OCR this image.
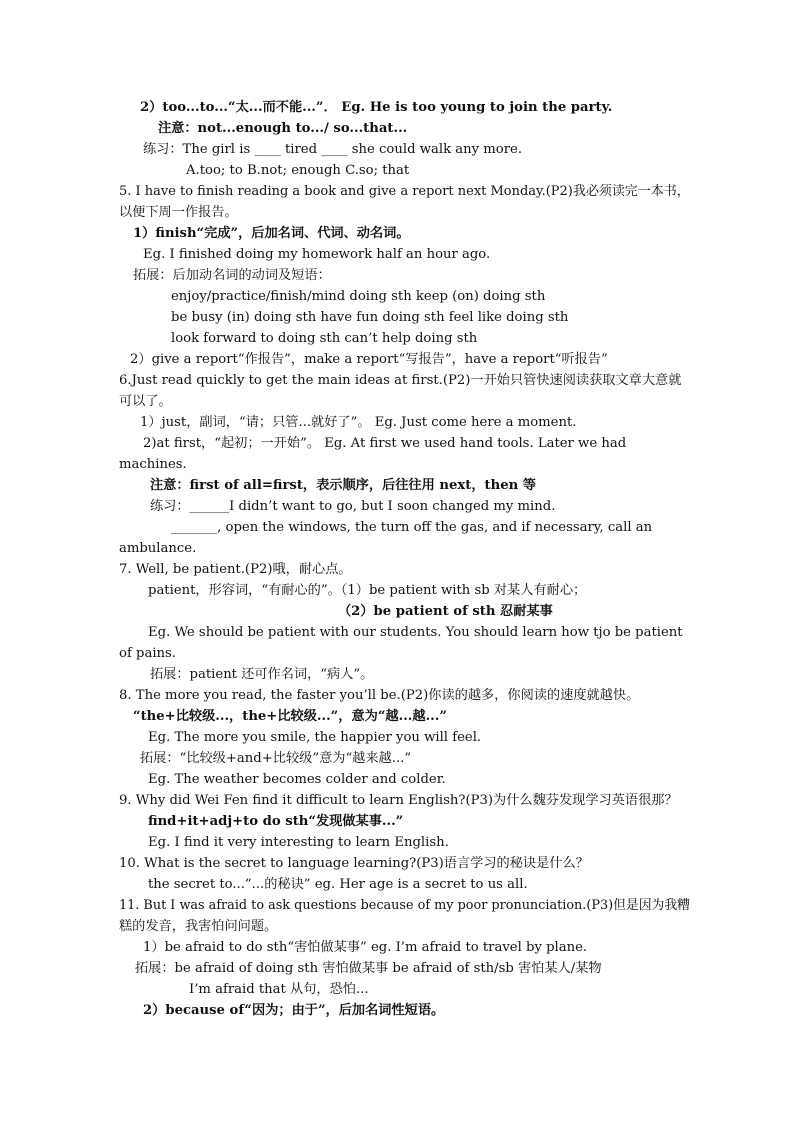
2）too...to...“太...而不能...”． Eg. He is too young to join the party.
注意：not...enough to.../ so...that...
练习：The girl is ____ tired ____ she could walk any more.
A.too; to B.not; enough C.so; that
5. I have to finish reading a book and give a report next Monday.(P2)我必须读完一本书，
以便下周一作报告。
1）finish“完成”，后加名词、代词、动名词。
Eg. I finished doing my homework half an hour ago.
拓展：后加动名词的动词及短语：
enjoy/practice/finish/mind doing sth keep (on) doing sth
be busy (in) doing sth have fun doing sth feel like doing sth
look forward to doing sth can’t help doing sth
2）give a report“作报告”，make a report“写报告”，have a report“听报告”
6.Just read quickly to get the main ideas at first.(P2)一开始只管快速阅读获取文章大意就
可以了。
1）just，副词，“请；只管...就好了”。 Eg. Just come here a moment.
2)at first，“起初；一开始”。 Eg. At first we used hand tools. Later we had
machines.
注意：first of all=first，表示顺序，后往往用 next，then 等
练习：______I didn’t want to go, but I soon changed my mind.
_______, open the windows, the turn off the gas, and if necessary, call an
ambulance.
7. Well, be patient.(P2)哦，耐心点。
patient，形容词，“有耐心的”。（1）be patient with sb 对某人有耐心；
（2）be patient of sth 忍耐某事
Eg. We should be patient with our students. You should learn how tjo be patient
of pains.
拓展：patient 还可作名词，“病人”。
8. The more you read, the faster you’ll be.(P2)你读的越多，你阅读的速度就越快。
“the+比较级...，the+比较级...”，意为“越...越...”
Eg. The more you smile, the happier you will feel.
拓展：“比较级+and+比较级”意为“越来越...”
Eg. The weather becomes colder and colder.
9. Why did Wei Fen find it difficult to learn English?(P3)为什么魏芬发现学习英语很那？
find+it+adj+to do sth“发现做某事...”
Eg. I find it very interesting to learn English.
10. What is the secret to language learning?(P3)语言学习的秘诀是什么？
the secret to...“...的秘诀” eg. Her age is a secret to us all.
11. But I was afraid to ask questions because of my poor pronunciation.(P3)但是因为我糟
糕的发音，我害怕问问题。
1）be afraid to do sth“害怕做某事” eg. I’m afraid to travel by plane.
拓展：be afraid of doing sth 害怕做某事 be afraid of sth/sb 害怕某人/某物
I’m afraid that 从句，恐怕...
2）because of“因为；由于”，后加名词性短语。
